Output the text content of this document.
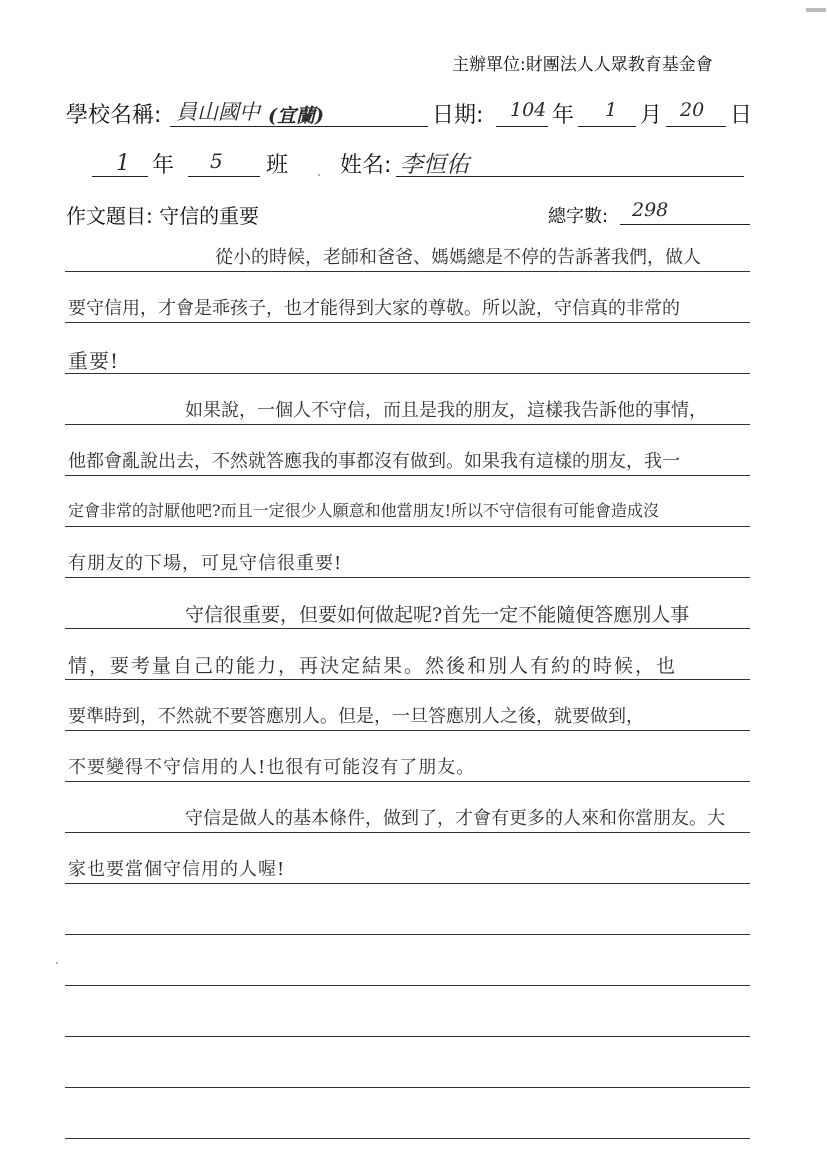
主辦單位:財團法人人眾教育基金會
學校名稱: 員山國中 (宜蘭)	日期: 104 年 1 月 20 日
1 年 5 班 姓名: 李恒佑
作文題目: 守信的重要	總字數: 298
從小的時候，老師和爸爸、媽媽總是不停的告訴著我們，做人
要守信用，才會是乖孩子，也才能得到大家的尊敬。所以說，守信真的非常的
重要!
如果說，一個人不守信，而且是我的朋友，這樣我告訴他的事情，
他都會亂說出去，不然就答應我的事都沒有做到。如果我有這樣的朋友，我一
定會非常的討厭他吧?而且一定很少人願意和他當朋友!所以不守信很有可能會造成沒
有朋友的下場，可見守信很重要!
守信很重要，但要如何做起呢?首先一定不能隨便答應別人事
情，要考量自己的能力，再決定結果。然後和別人有約的時候，也
要準時到，不然就不要答應別人。但是，一旦答應別人之後，就要做到，
不要變得不守信用的人!也很有可能沒有了朋友。
守信是做人的基本條件，做到了，才會有更多的人來和你當朋友。大
家也要當個守信用的人喔!
